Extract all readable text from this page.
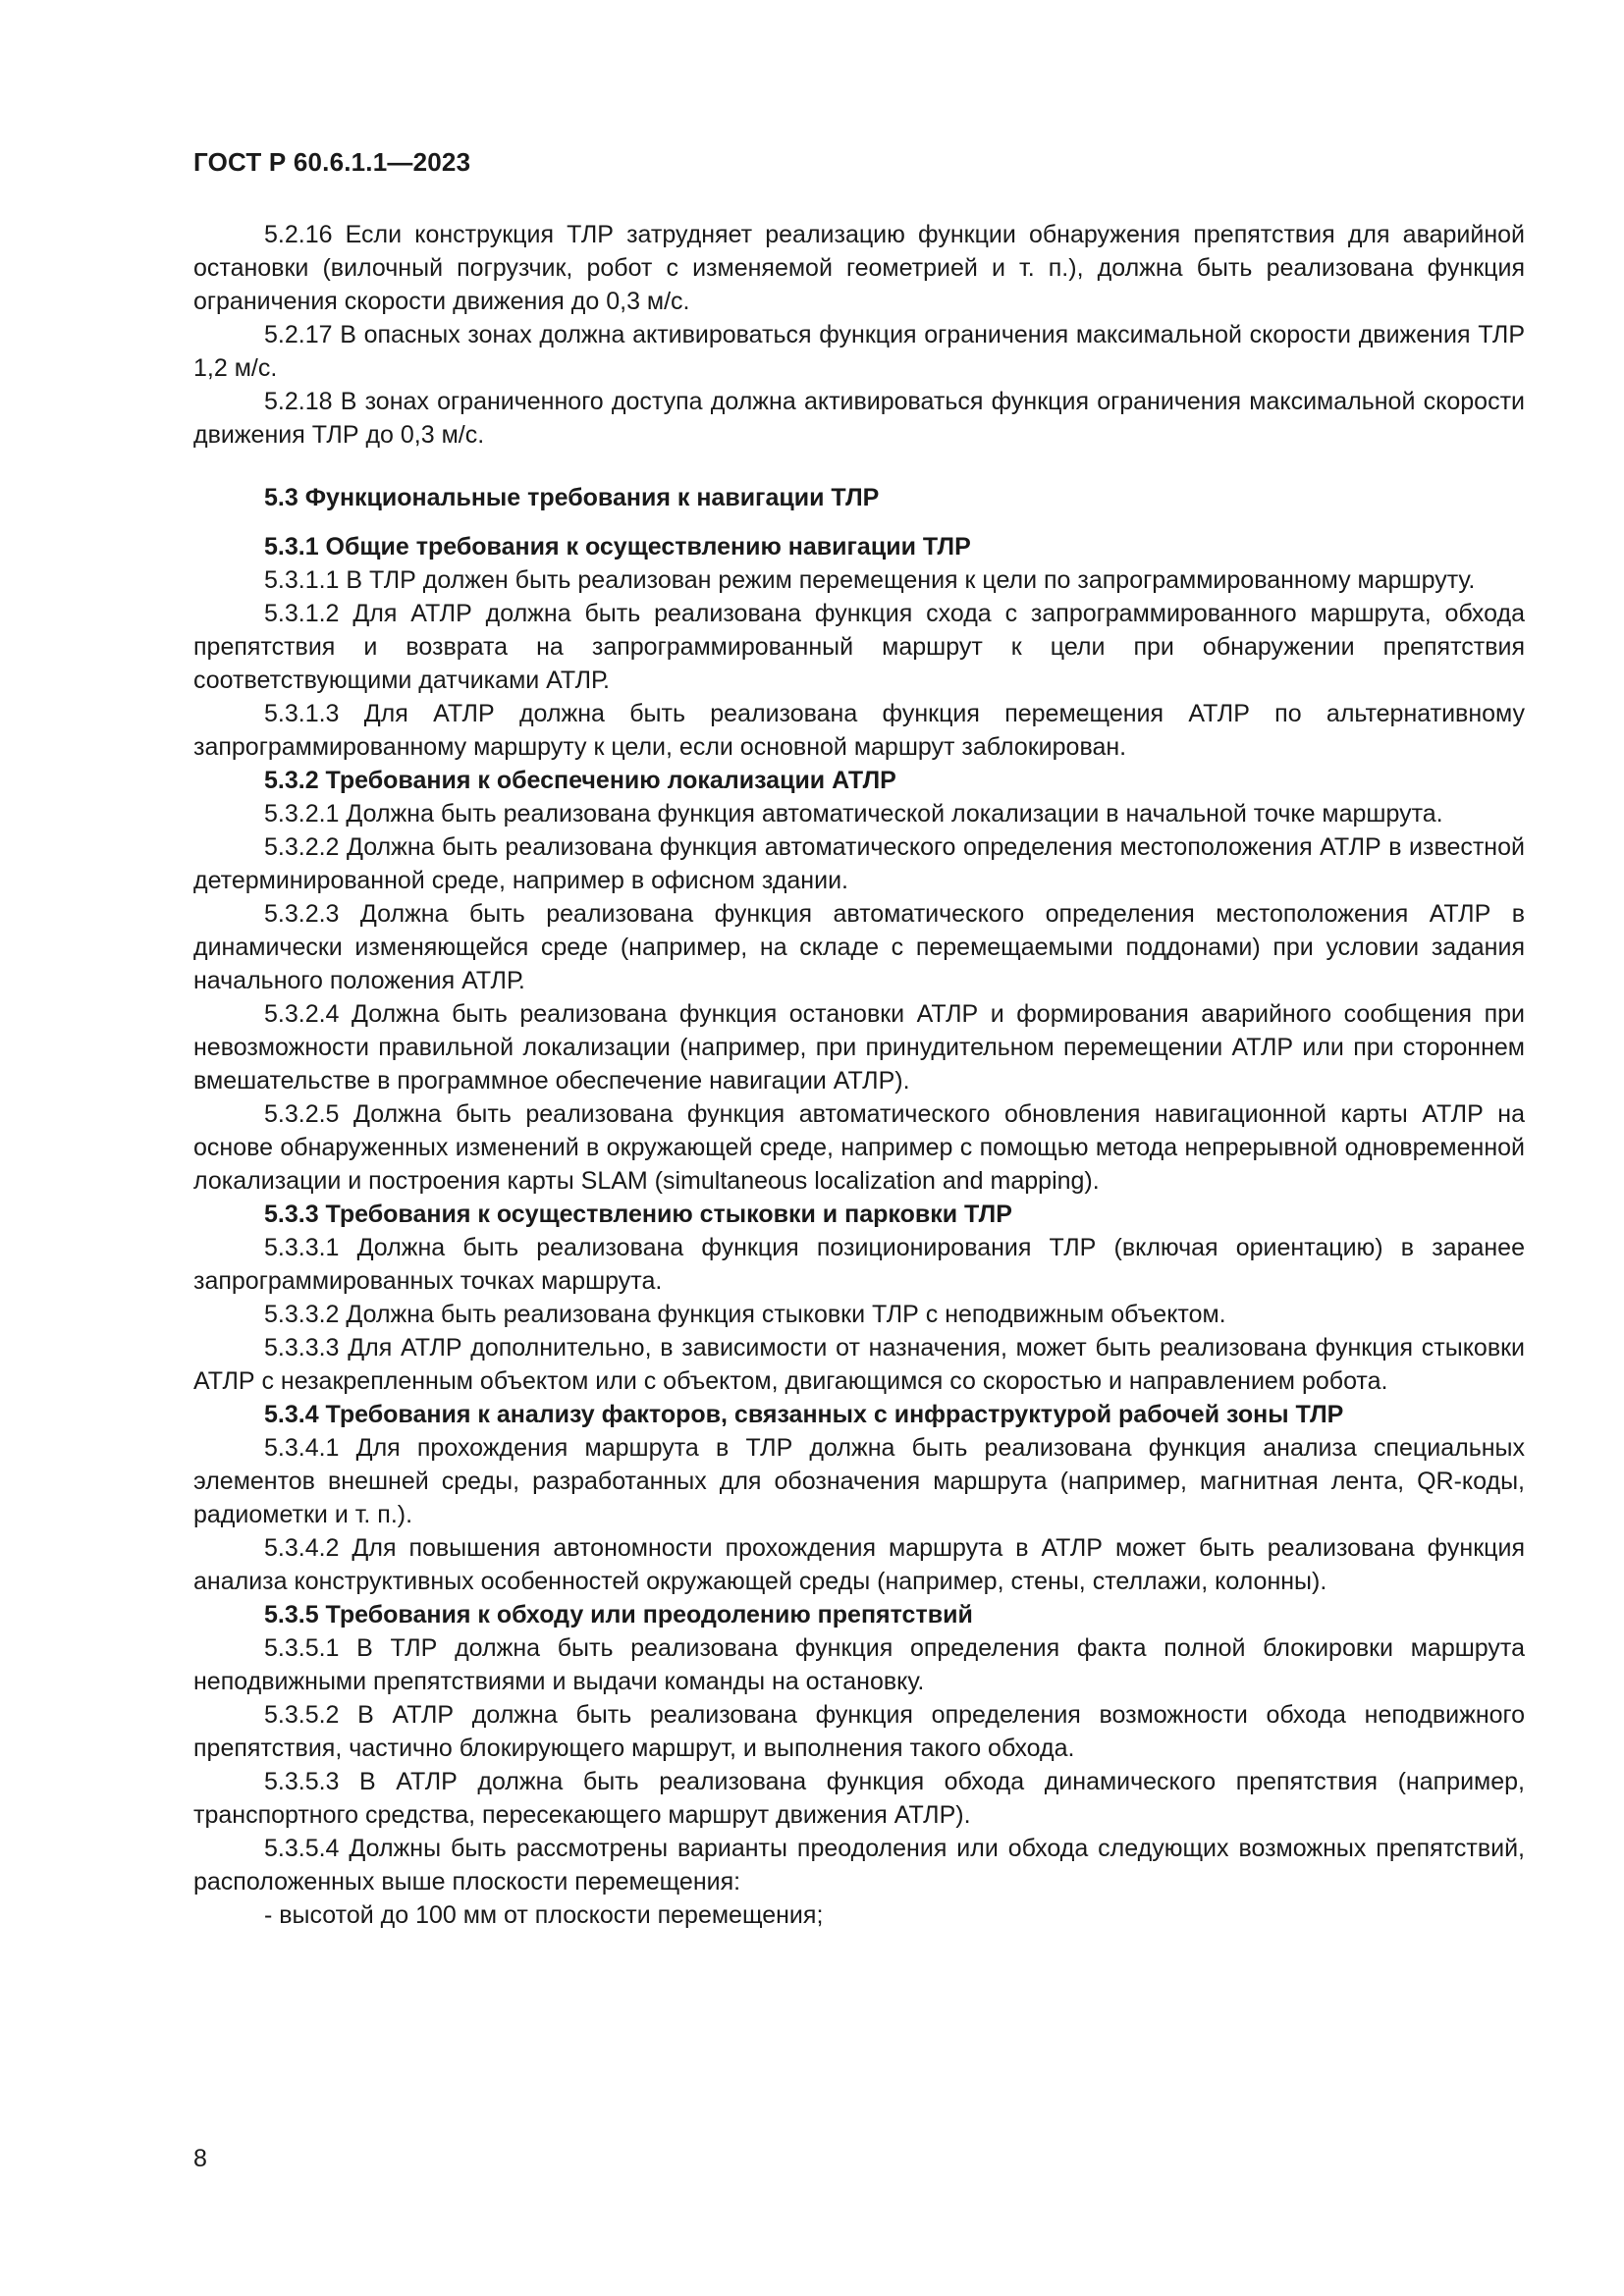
ГОСТ Р 60.6.1.1—2023

5.2.16 Если конструкция ТЛР затрудняет реализацию функции обнаружения препятствия для аварийной остановки (вилочный погрузчик, робот с изменяемой геометрией и т. п.), должна быть реализована функция ограничения скорости движения до 0,3 м/с.

5.2.17 В опасных зонах должна активироваться функция ограничения максимальной скорости движения ТЛР 1,2 м/с.

5.2.18 В зонах ограниченного доступа должна активироваться функция ограничения максимальной скорости движения ТЛР до 0,3 м/с.

5.3 Функциональные требования к навигации ТЛР

5.3.1 Общие требования к осуществлению навигации ТЛР

5.3.1.1 В ТЛР должен быть реализован режим перемещения к цели по запрограммированному маршруту.

5.3.1.2 Для АТЛР должна быть реализована функция схода с запрограммированного маршрута, обхода препятствия и возврата на запрограммированный маршрут к цели при обнаружении препятствия соответствующими датчиками АТЛР.

5.3.1.3 Для АТЛР должна быть реализована функция перемещения АТЛР по альтернативному запрограммированному маршруту к цели, если основной маршрут заблокирован.

5.3.2 Требования к обеспечению локализации АТЛР

5.3.2.1 Должна быть реализована функция автоматической локализации в начальной точке маршрута.

5.3.2.2 Должна быть реализована функция автоматического определения местоположения АТЛР в известной детерминированной среде, например в офисном здании.

5.3.2.3 Должна быть реализована функция автоматического определения местоположения АТЛР в динамически изменяющейся среде (например, на складе с перемещаемыми поддонами) при условии задания начального положения АТЛР.

5.3.2.4 Должна быть реализована функция остановки АТЛР и формирования аварийного сообщения при невозможности правильной локализации (например, при принудительном перемещении АТЛР или при стороннем вмешательстве в программное обеспечение навигации АТЛР).

5.3.2.5 Должна быть реализована функция автоматического обновления навигационной карты АТЛР на основе обнаруженных изменений в окружающей среде, например с помощью метода непрерывной одновременной локализации и построения карты SLAM (simultaneous localization and mapping).

5.3.3 Требования к осуществлению стыковки и парковки ТЛР

5.3.3.1 Должна быть реализована функция позиционирования ТЛР (включая ориентацию) в заранее запрограммированных точках маршрута.

5.3.3.2 Должна быть реализована функция стыковки ТЛР с неподвижным объектом.

5.3.3.3 Для АТЛР дополнительно, в зависимости от назначения, может быть реализована функция стыковки АТЛР с незакрепленным объектом или с объектом, двигающимся со скоростью и направлением робота.

5.3.4 Требования к анализу факторов, связанных с инфраструктурой рабочей зоны ТЛР

5.3.4.1 Для прохождения маршрута в ТЛР должна быть реализована функция анализа специальных элементов внешней среды, разработанных для обозначения маршрута (например, магнитная лента, QR-коды, радиометки и т. п.).

5.3.4.2 Для повышения автономности прохождения маршрута в АТЛР может быть реализована функция анализа конструктивных особенностей окружающей среды (например, стены, стеллажи, колонны).

5.3.5 Требования к обходу или преодолению препятствий

5.3.5.1 В ТЛР должна быть реализована функция определения факта полной блокировки маршрута неподвижными препятствиями и выдачи команды на остановку.

5.3.5.2 В АТЛР должна быть реализована функция определения возможности обхода неподвижного препятствия, частично блокирующего маршрут, и выполнения такого обхода.

5.3.5.3 В АТЛР должна быть реализована функция обхода динамического препятствия (например, транспортного средства, пересекающего маршрут движения АТЛР).

5.3.5.4 Должны быть рассмотрены варианты преодоления или обхода следующих возможных препятствий, расположенных выше плоскости перемещения:

- высотой до 100 мм от плоскости перемещения;

8
